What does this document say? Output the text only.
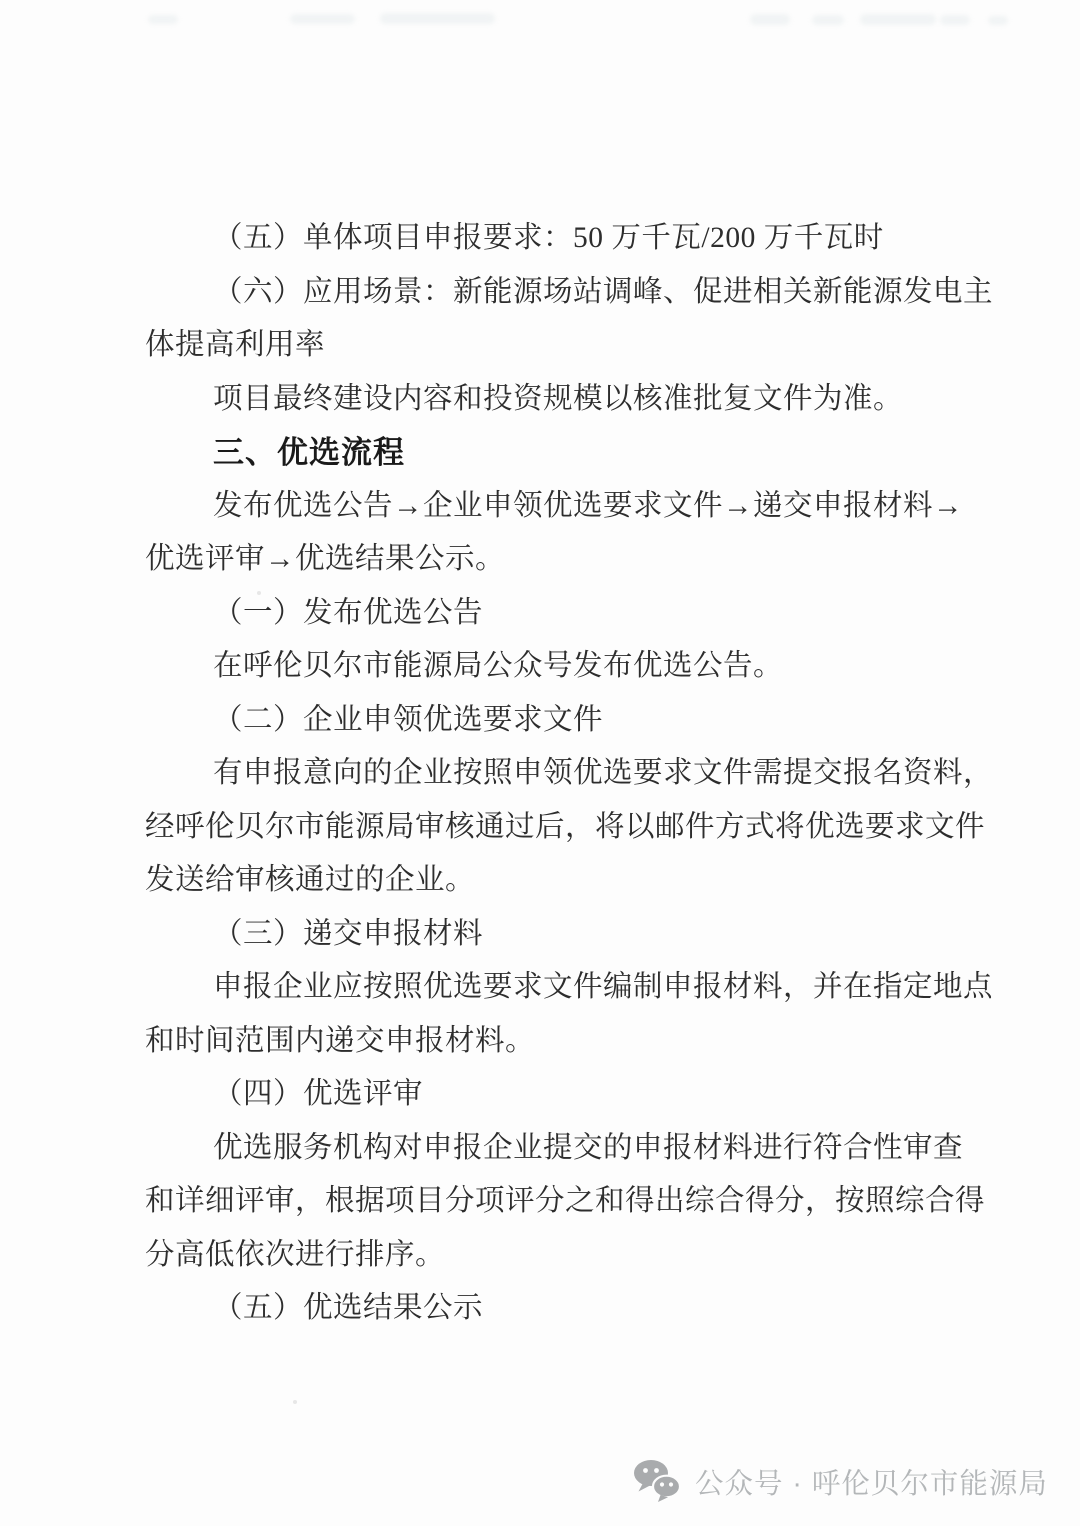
（五）单体项目申报要求：50 万千瓦/200 万千瓦时
（六）应用场景：新能源场站调峰、促进相关新能源发电主
体提高利用率
项目最终建设内容和投资规模以核准批复文件为准。
三、优选流程
发布优选公告→企业申领优选要求文件→递交申报材料→
优选评审→优选结果公示。
（一）发布优选公告
在呼伦贝尔市能源局公众号发布优选公告。
（二）企业申领优选要求文件
有申报意向的企业按照申领优选要求文件需提交报名资料，
经呼伦贝尔市能源局审核通过后，将以邮件方式将优选要求文件
发送给审核通过的企业。
（三）递交申报材料
申报企业应按照优选要求文件编制申报材料，并在指定地点
和时间范围内递交申报材料。
（四）优选评审
优选服务机构对申报企业提交的申报材料进行符合性审查
和详细评审，根据项目分项评分之和得出综合得分，按照综合得
分高低依次进行排序。
（五）优选结果公示
公众号 · 呼伦贝尔市能源局
